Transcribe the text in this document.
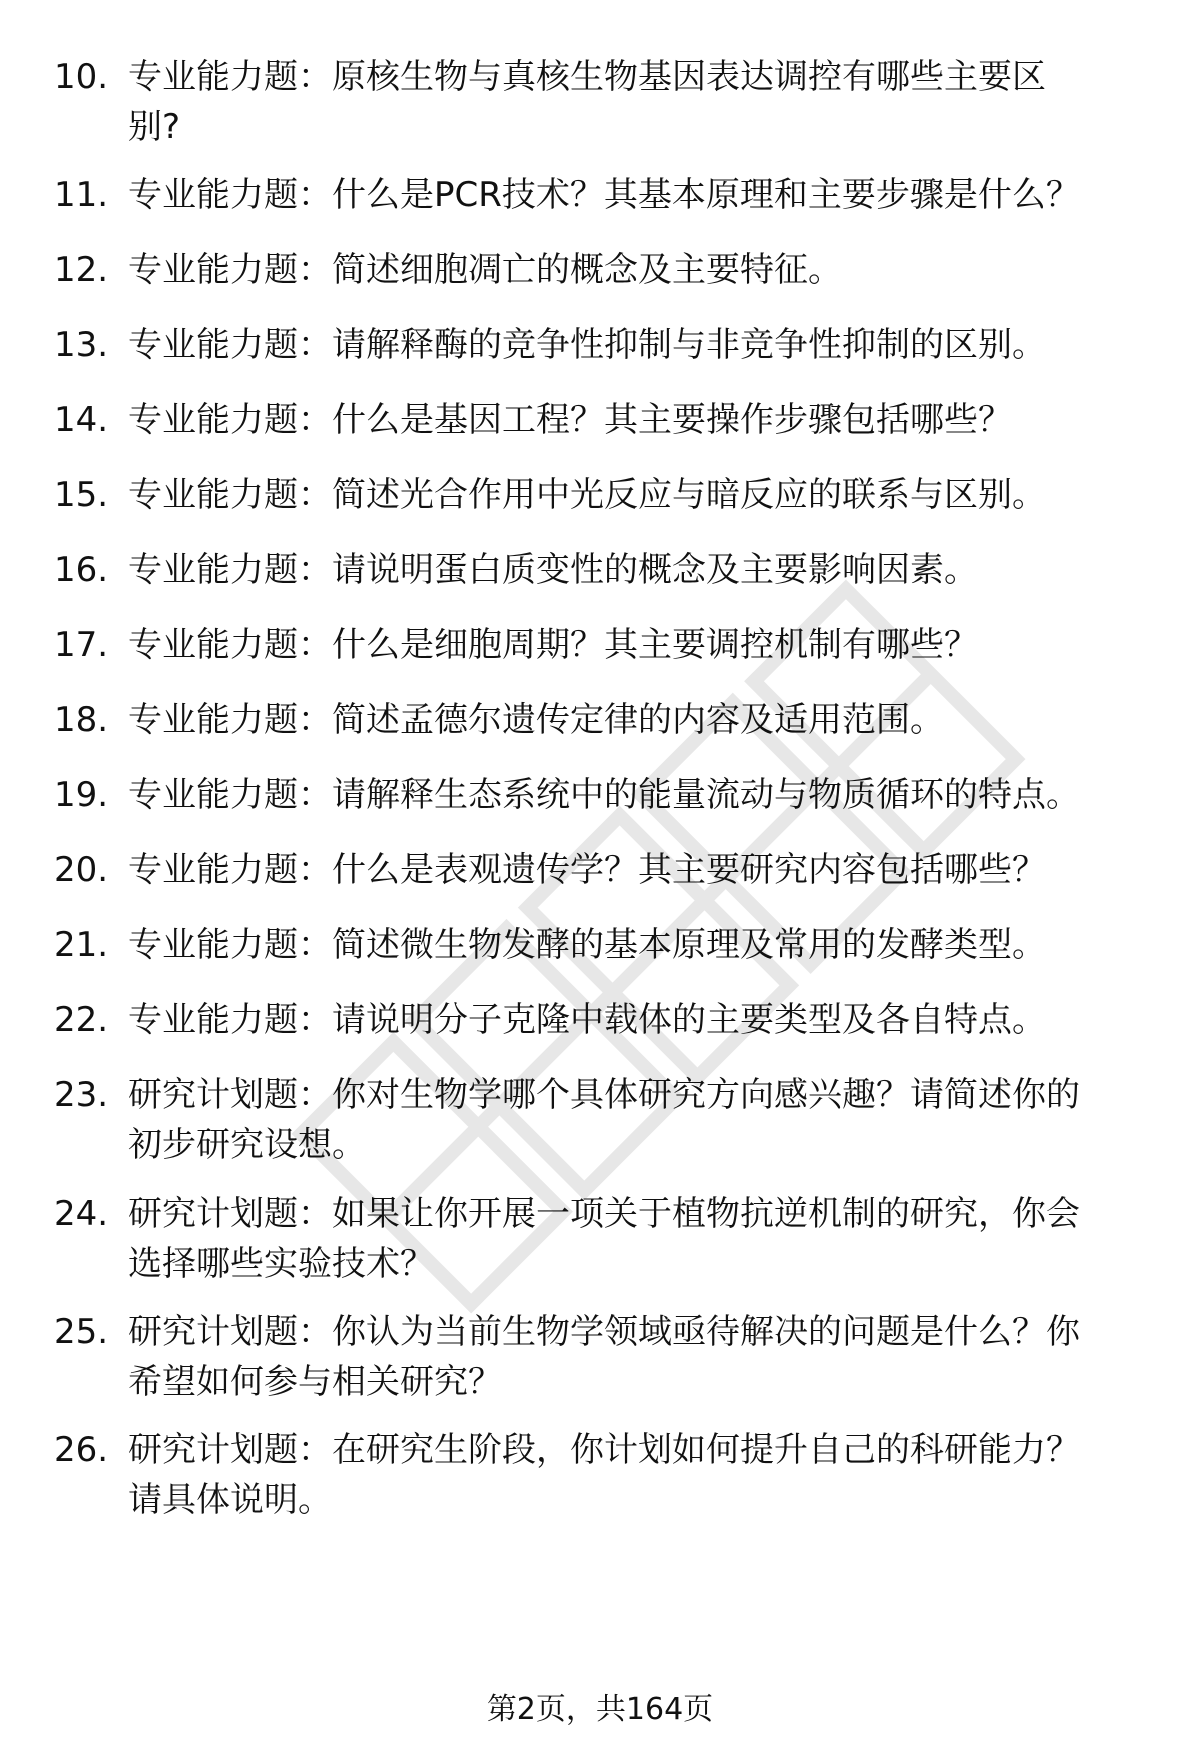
10. 专业能力题：原核生物与真核生物基因表达调控有哪些主要区
别?
11. 专业能力题：什么是PCR技术？其基本原理和主要步骤是什么？
12. 专业能力题：简述细胞凋亡的概念及主要特征。
13. 专业能力题：请解释酶的竞争性抑制与非竞争性抑制的区别。
14. 专业能力题：什么是基因工程？其主要操作步骤包括哪些？
15. 专业能力题：简述光合作用中光反应与暗反应的联系与区别。
16. 专业能力题：请说明蛋白质变性的概念及主要影响因素。
17. 专业能力题：什么是细胞周期？其主要调控机制有哪些？
18. 专业能力题：简述孟德尔遗传定律的内容及适用范围。
19. 专业能力题：请解释生态系统中的能量流动与物质循环的特点。
20. 专业能力题：什么是表观遗传学？其主要研究内容包括哪些？
21. 专业能力题：简述微生物发酵的基本原理及常用的发酵类型。
22. 专业能力题：请说明分子克隆中载体的主要类型及各自特点。
23. 研究计划题：你对生物学哪个具体研究方向感兴趣？请简述你的
初步研究设想。
24. 研究计划题：如果让你开展一项关于植物抗逆机制的研究，你会
选择哪些实验技术？
25. 研究计划题：你认为当前生物学领域亟待解决的问题是什么？你
希望如何参与相关研究？
26. 研究计划题：在研究生阶段，你计划如何提升自己的科研能力？
请具体说明。
第2页，共164页
